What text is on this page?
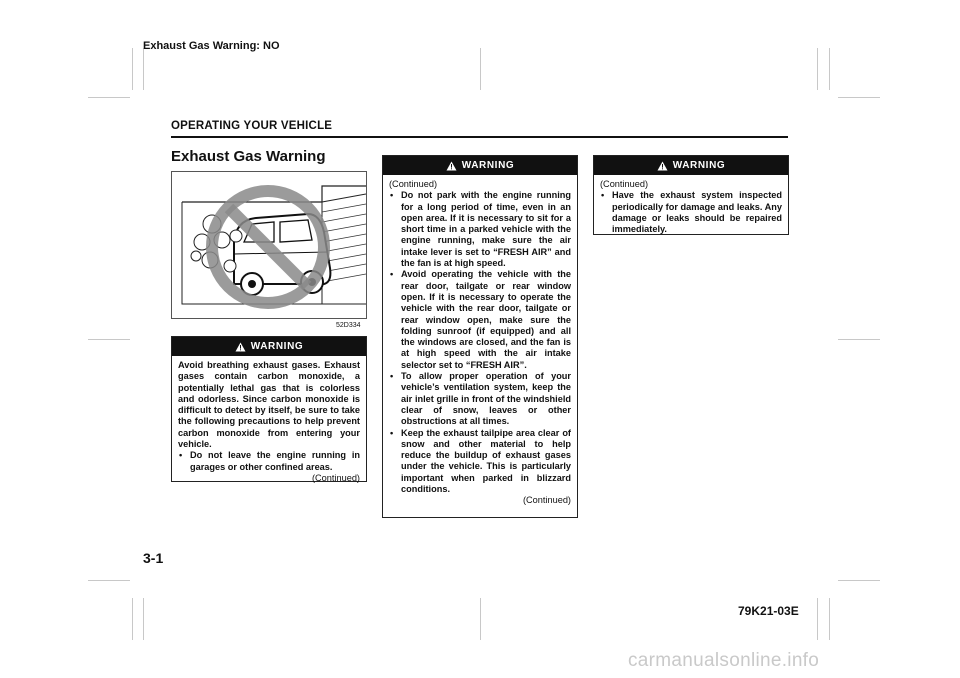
Exhaust Gas Warning: NO
OPERATING YOUR VEHICLE
Exhaust Gas Warning
52D334
WARNING

Avoid breathing exhaust gases. Exhaust gases contain carbon monoxide, a potentially lethal gas that is colorless and odorless. Since carbon monoxide is difficult to detect by itself, be sure to take the following precautions to help prevent carbon monoxide from entering your vehicle.

• Do not leave the engine running in garages or other confined areas.

(Continued)

WARNING

(Continued)

• Do not park with the engine running for a long period of time, even in an open area. If it is necessary to sit for a short time in a parked vehicle with the engine running, make sure the air intake lever is set to “FRESH AIR” and the fan is at high speed.
• Avoid operating the vehicle with the rear door, tailgate or rear window open. If it is necessary to operate the vehicle with the rear door, tailgate or rear window open, make sure the folding sunroof (if equipped) and all the windows are closed, and the fan is at high speed with the air intake selector set to “FRESH AIR”.
• To allow proper operation of your vehicle’s ventilation system, keep the air inlet grille in front of the windshield clear of snow, leaves or other obstructions at all times.
• Keep the exhaust tailpipe area clear of snow and other material to help reduce the buildup of exhaust gases under the vehicle. This is particularly important when parked in blizzard conditions.

(Continued)

WARNING

(Continued)

• Have the exhaust system inspected periodically for damage and leaks. Any damage or leaks should be repaired immediately.
3-1
79K21-03E
carmanualsonline.info
